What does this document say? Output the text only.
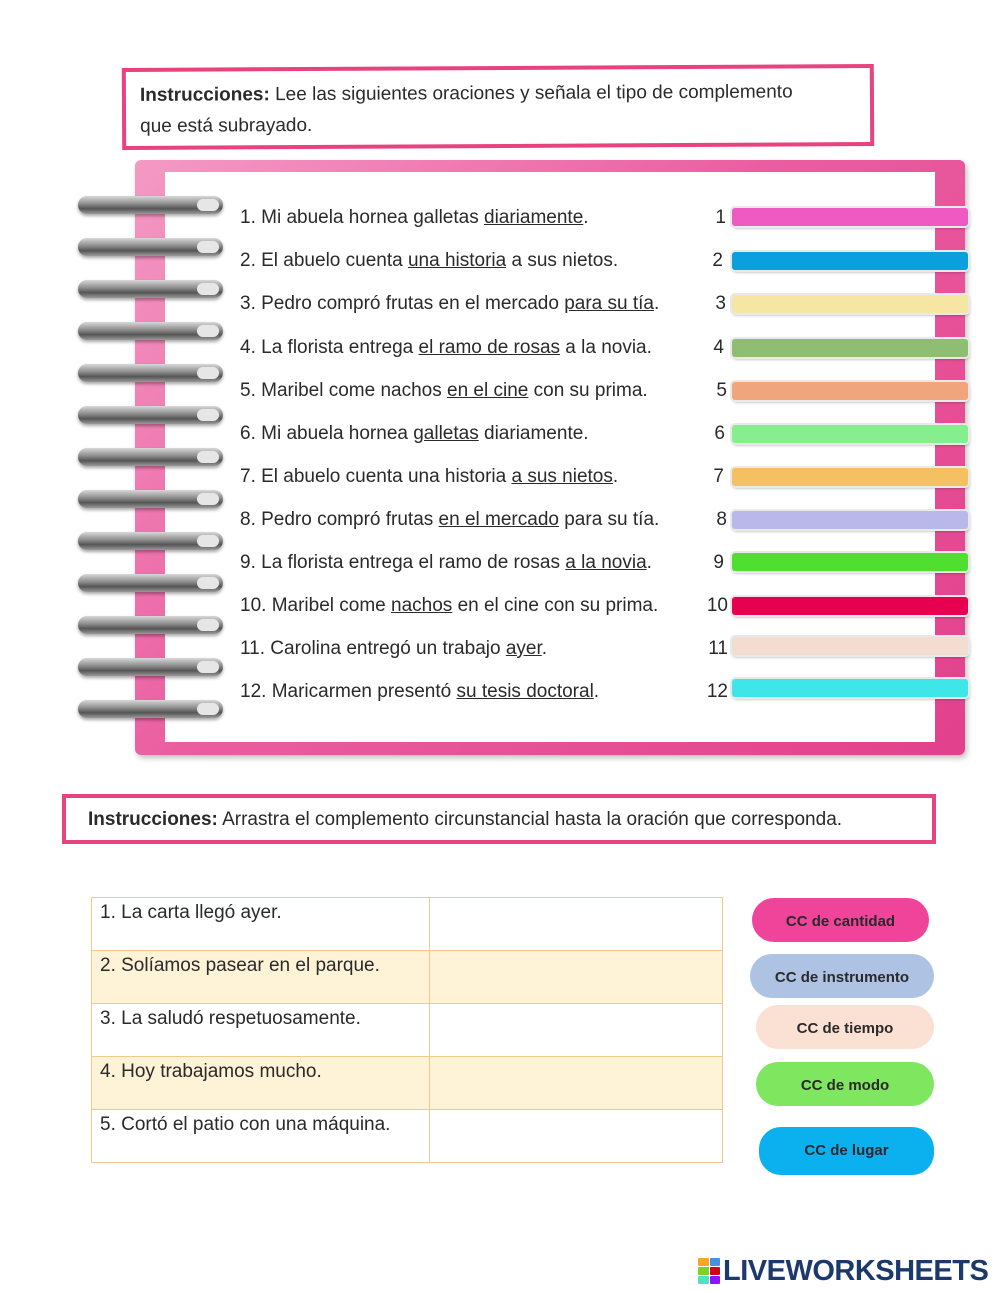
Instrucciones: Lee las siguientes oraciones y señala el tipo de complemento
que está subrayado.
1. Mi abuela hornea galletas diariamente.	1
2. El abuelo cuenta una historia a sus nietos.	2
3. Pedro compró frutas en el mercado para su tía.	3
4. La florista entrega el ramo de rosas a la novia.	4
5. Maribel come nachos en el cine con su prima.	5
6. Mi abuela hornea galletas diariamente.	6
7. El abuelo cuenta una historia a sus nietos.	7
8. Pedro compró frutas en el mercado para su tía.	8
9. La florista entrega el ramo de rosas a la novia.	9
10. Maribel come nachos en el cine con su prima.	10
11. Carolina entregó un trabajo ayer.	11
12. Maricarmen presentó su tesis doctoral.	12
Instrucciones: Arrastra el complemento circunstancial hasta la oración que corresponda.
1. La carta llegó ayer.	
2. Solíamos pasear en el parque.	
3. La saludó respetuosamente.	
4. Hoy trabajamos mucho.	
5. Cortó el patio con una máquina.	
CC de cantidad
CC de instrumento
CC de tiempo
CC de modo
CC de lugar
LIVEWORKSHEETS
